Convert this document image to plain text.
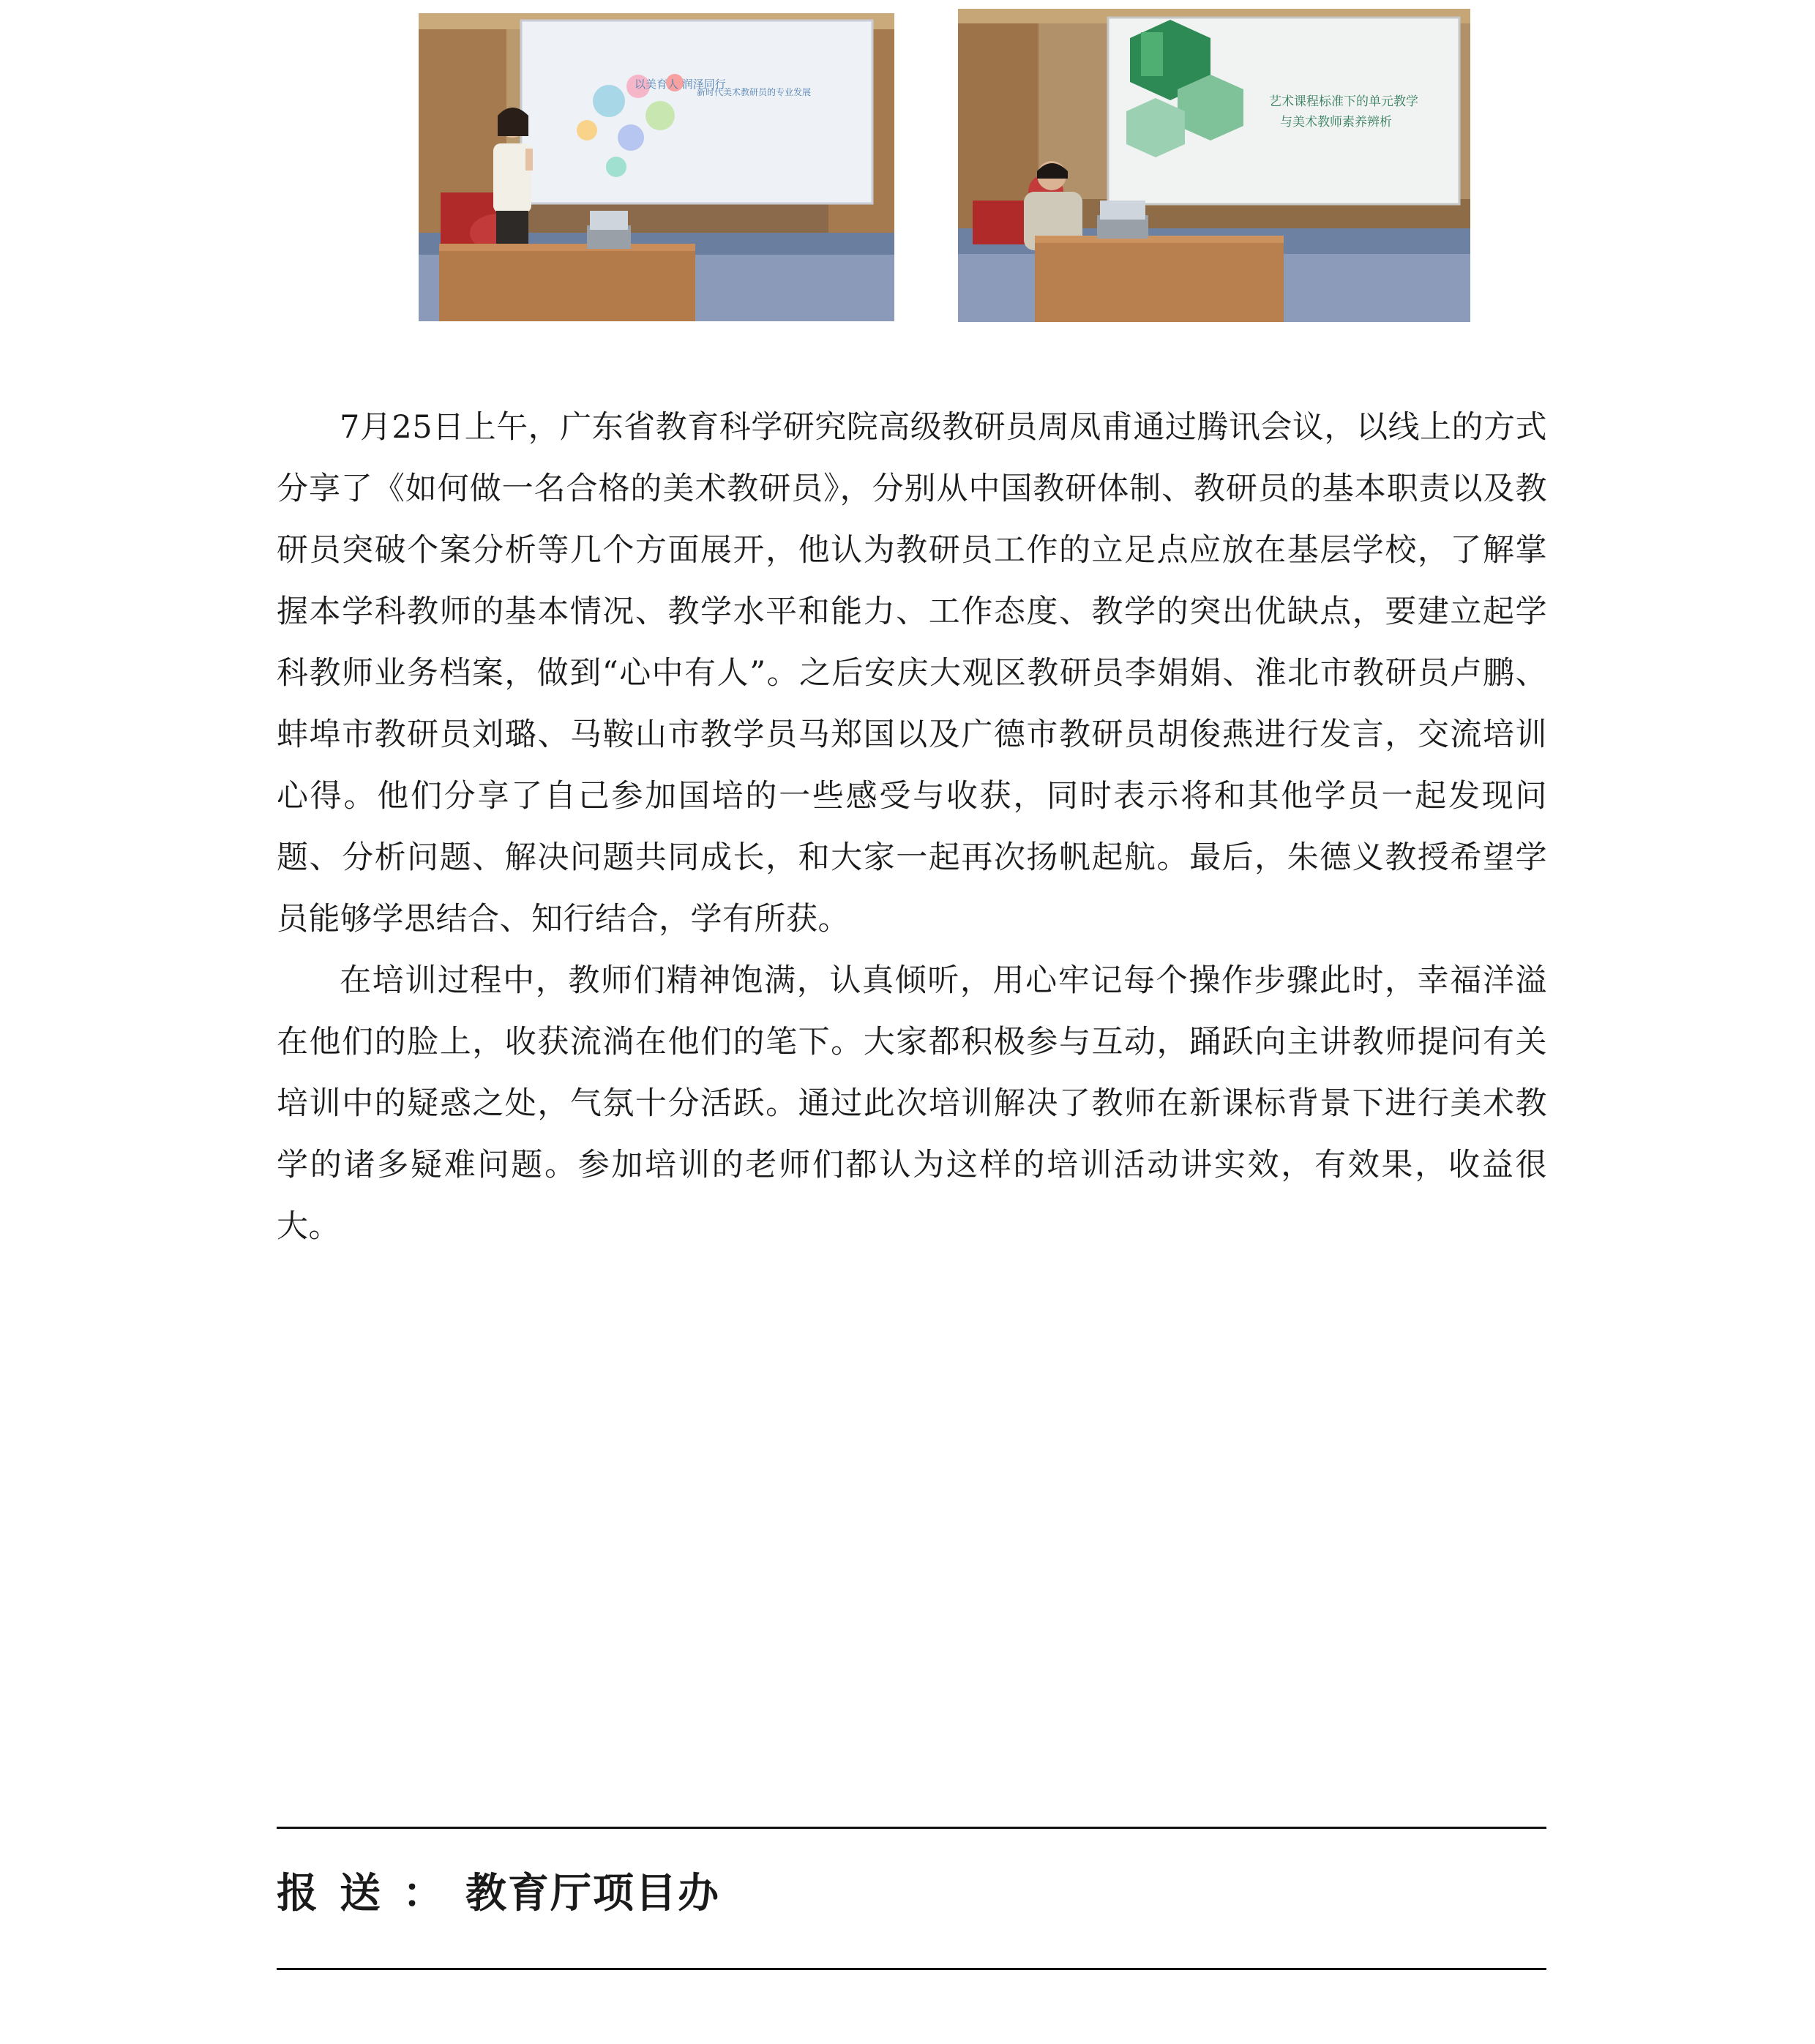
以美育人 润泽同行
新时代美术教研员的专业发展
艺术课程标准下的单元教学
与美术教师素养辨析

7月25日上午，广东省教育科学研究院高级教研员周凤甫通过腾讯会议，以线上的方式分享了《如何做一名合格的美术教研员》，分别从中国教研体制、教研员的基本职责以及教研员突破个案分析等几个方面展开，他认为教研员工作的立足点应放在基层学校，了解掌握本学科教师的基本情况、教学水平和能力、工作态度、教学的突出优缺点，要建立起学科教师业务档案，做到“心中有人”。之后安庆大观区教研员李娟娟、淮北市教研员卢鹏、蚌埠市教研员刘璐、马鞍山市教学员马郑国以及广德市教研员胡俊燕进行发言，交流培训心得。他们分享了自己参加国培的一些感受与收获，同时表示将和其他学员一起发现问题、分析问题、解决问题共同成长，和大家一起再次扬帆起航。最后，朱德义教授希望学员能够学思结合、知行结合，学有所获。

在培训过程中，教师们精神饱满，认真倾听，用心牢记每个操作步骤此时，幸福洋溢在他们的脸上，收获流淌在他们的笔下。大家都积极参与互动，踊跃向主讲教师提问有关培训中的疑惑之处，气氛十分活跃。通过此次培训解决了教师在新课标背景下进行美术教学的诸多疑难问题。参加培训的老师们都认为这样的培训活动讲实效，有效果，收益很大。

报送：教育厅项目办
